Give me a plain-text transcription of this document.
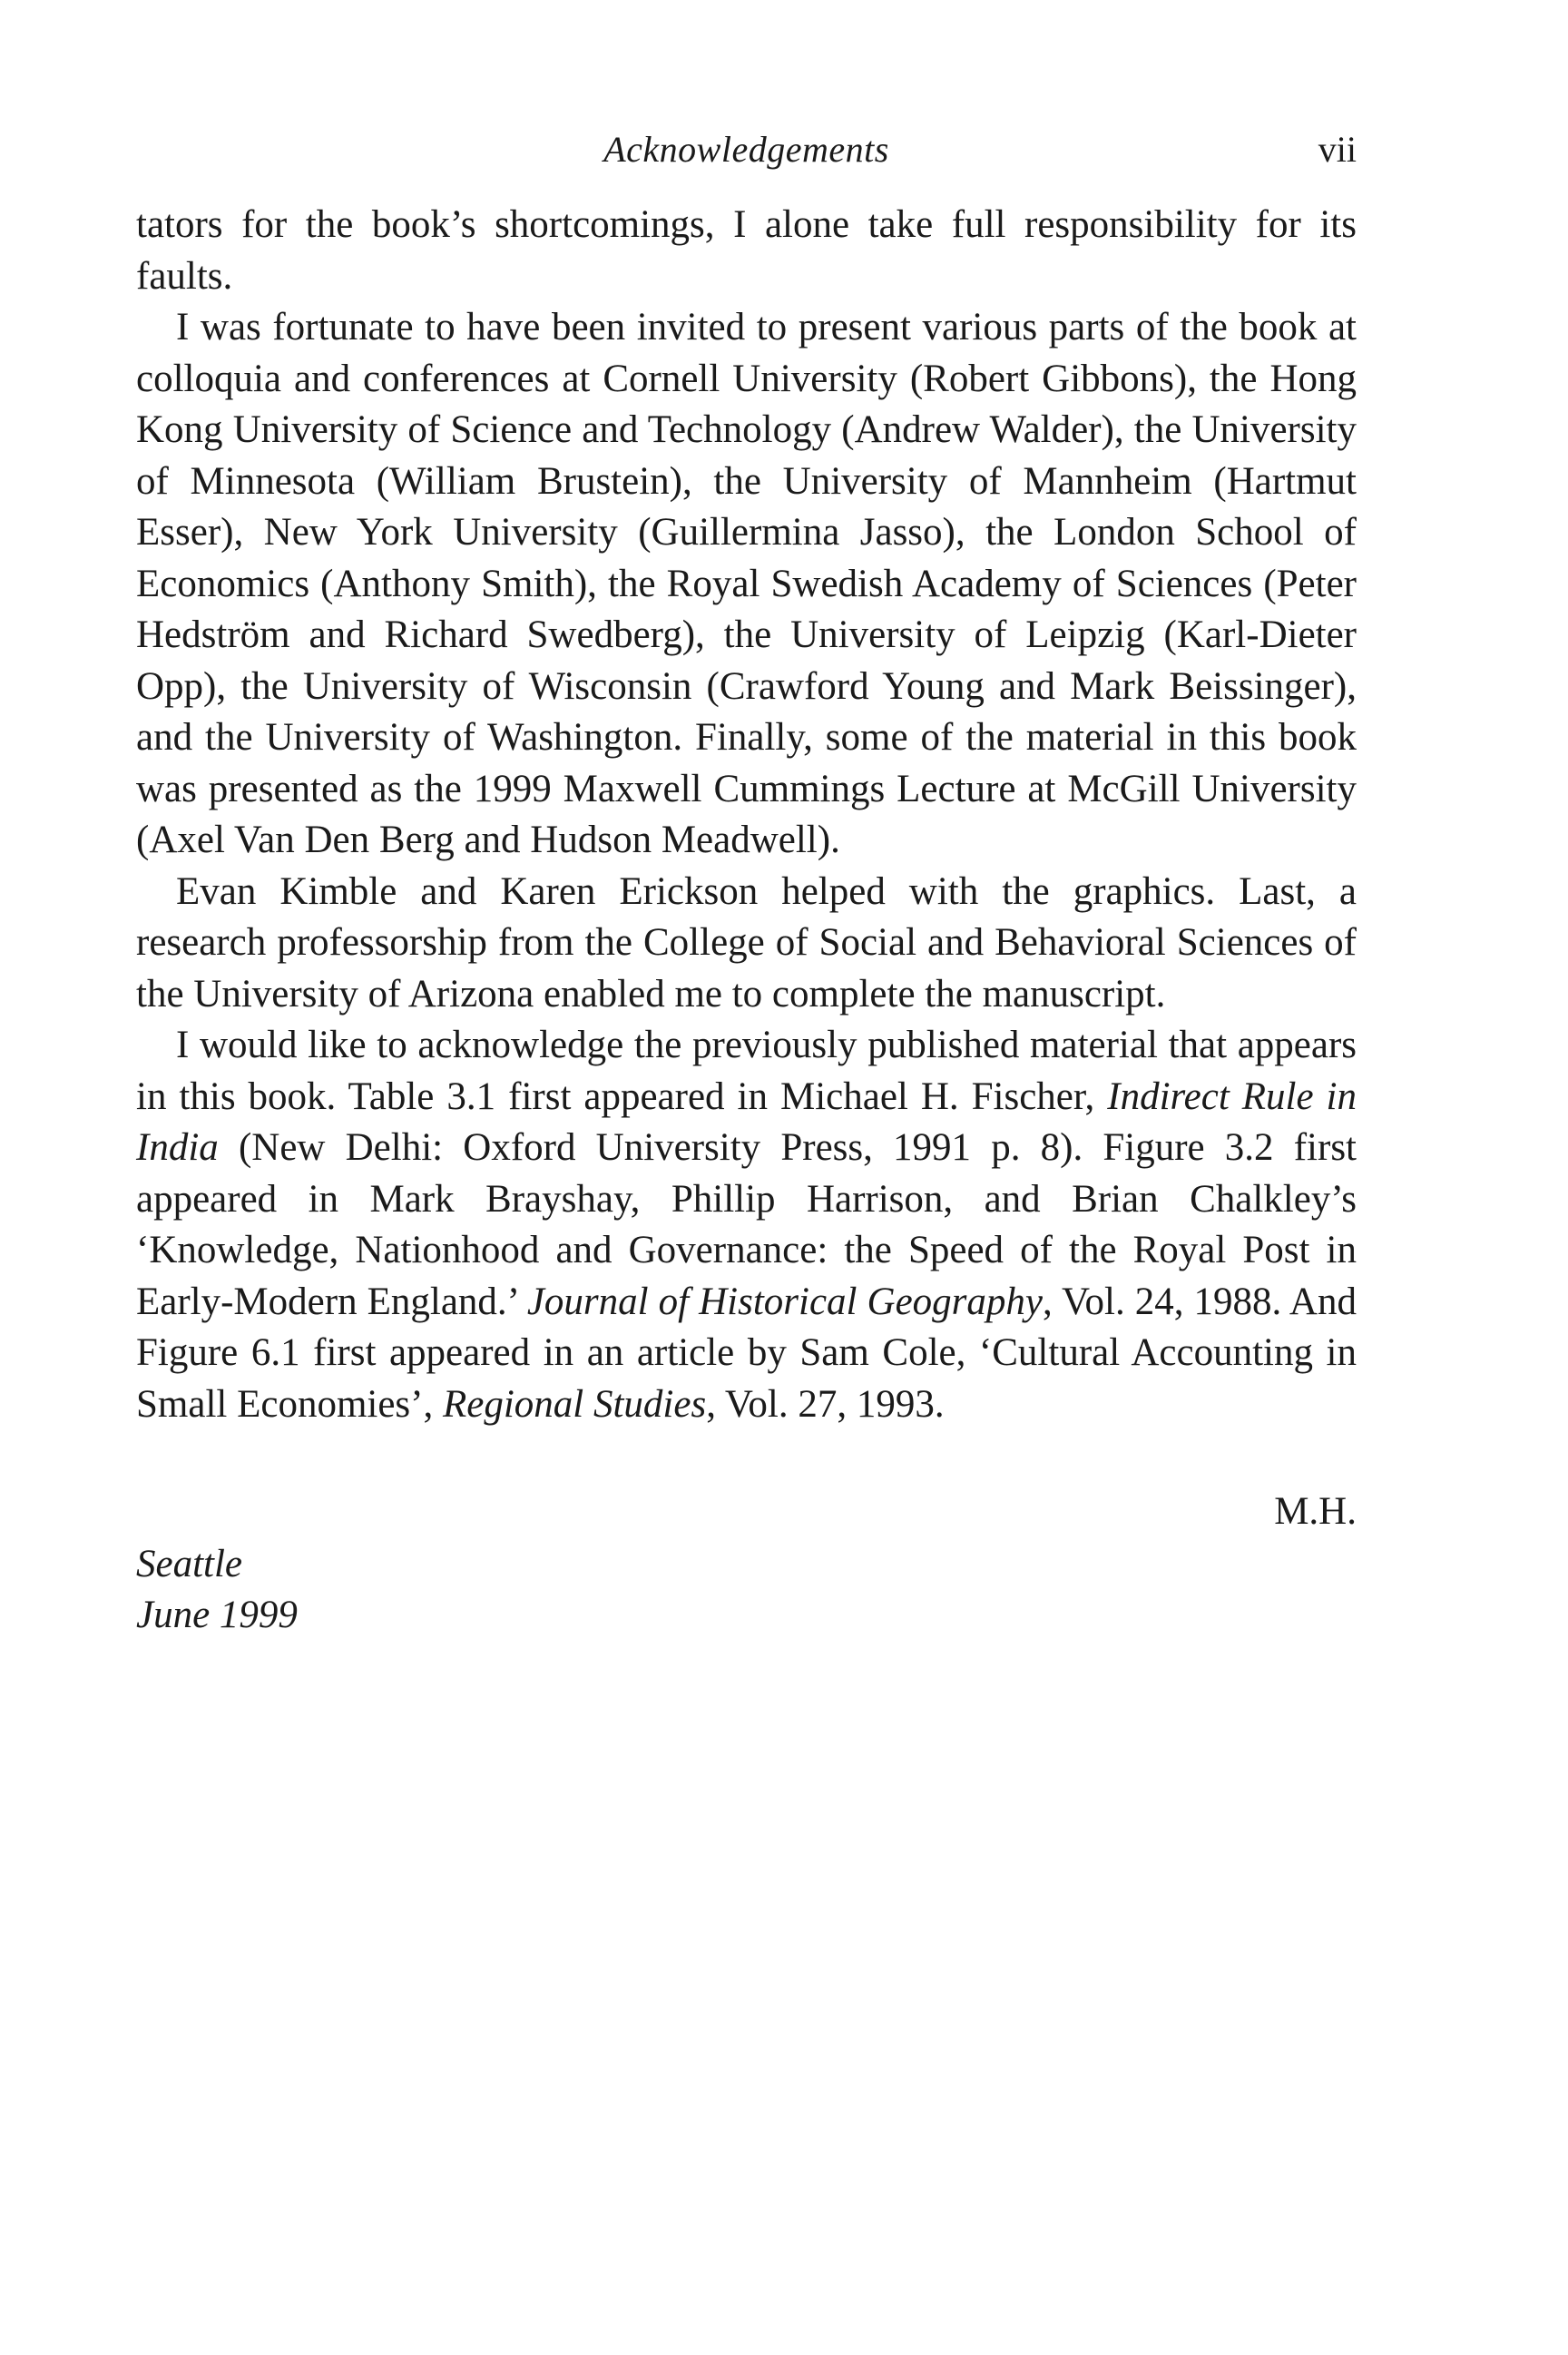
Acknowledgements	vii

tators for the book’s shortcomings, I alone take full responsibility for its faults.

I was fortunate to have been invited to present various parts of the book at colloquia and conferences at Cornell University (Robert Gibbons), the Hong Kong University of Science and Technology (Andrew Walder), the University of Minnesota (William Brustein), the University of Mannheim (Hartmut Esser), New York University (Guillermina Jasso), the London School of Economics (Anthony Smith), the Royal Swedish Academy of Sciences (Peter Hedström and Richard Swedberg), the University of Leipzig (Karl-Dieter Opp), the University of Wisconsin (Crawford Young and Mark Beissinger), and the University of Washington. Finally, some of the material in this book was presented as the 1999 Maxwell Cummings Lecture at McGill University (Axel Van Den Berg and Hudson Meadwell).

Evan Kimble and Karen Erickson helped with the graphics. Last, a research professorship from the College of Social and Behavioral Sciences of the University of Arizona enabled me to complete the manuscript.

I would like to acknowledge the previously published material that appears in this book. Table 3.1 first appeared in Michael H. Fischer, Indirect Rule in India (New Delhi: Oxford University Press, 1991 p. 8). Figure 3.2 first appeared in Mark Brayshay, Phillip Harrison, and Brian Chalkley’s ‘Knowledge, Nationhood and Governance: the Speed of the Royal Post in Early-Modern England.’ Journal of Historical Geography, Vol. 24, 1988. And Figure 6.1 first appeared in an article by Sam Cole, ‘Cultural Accounting in Small Economies’, Regional Studies, Vol. 27, 1993.

M.H.
Seattle
June 1999
